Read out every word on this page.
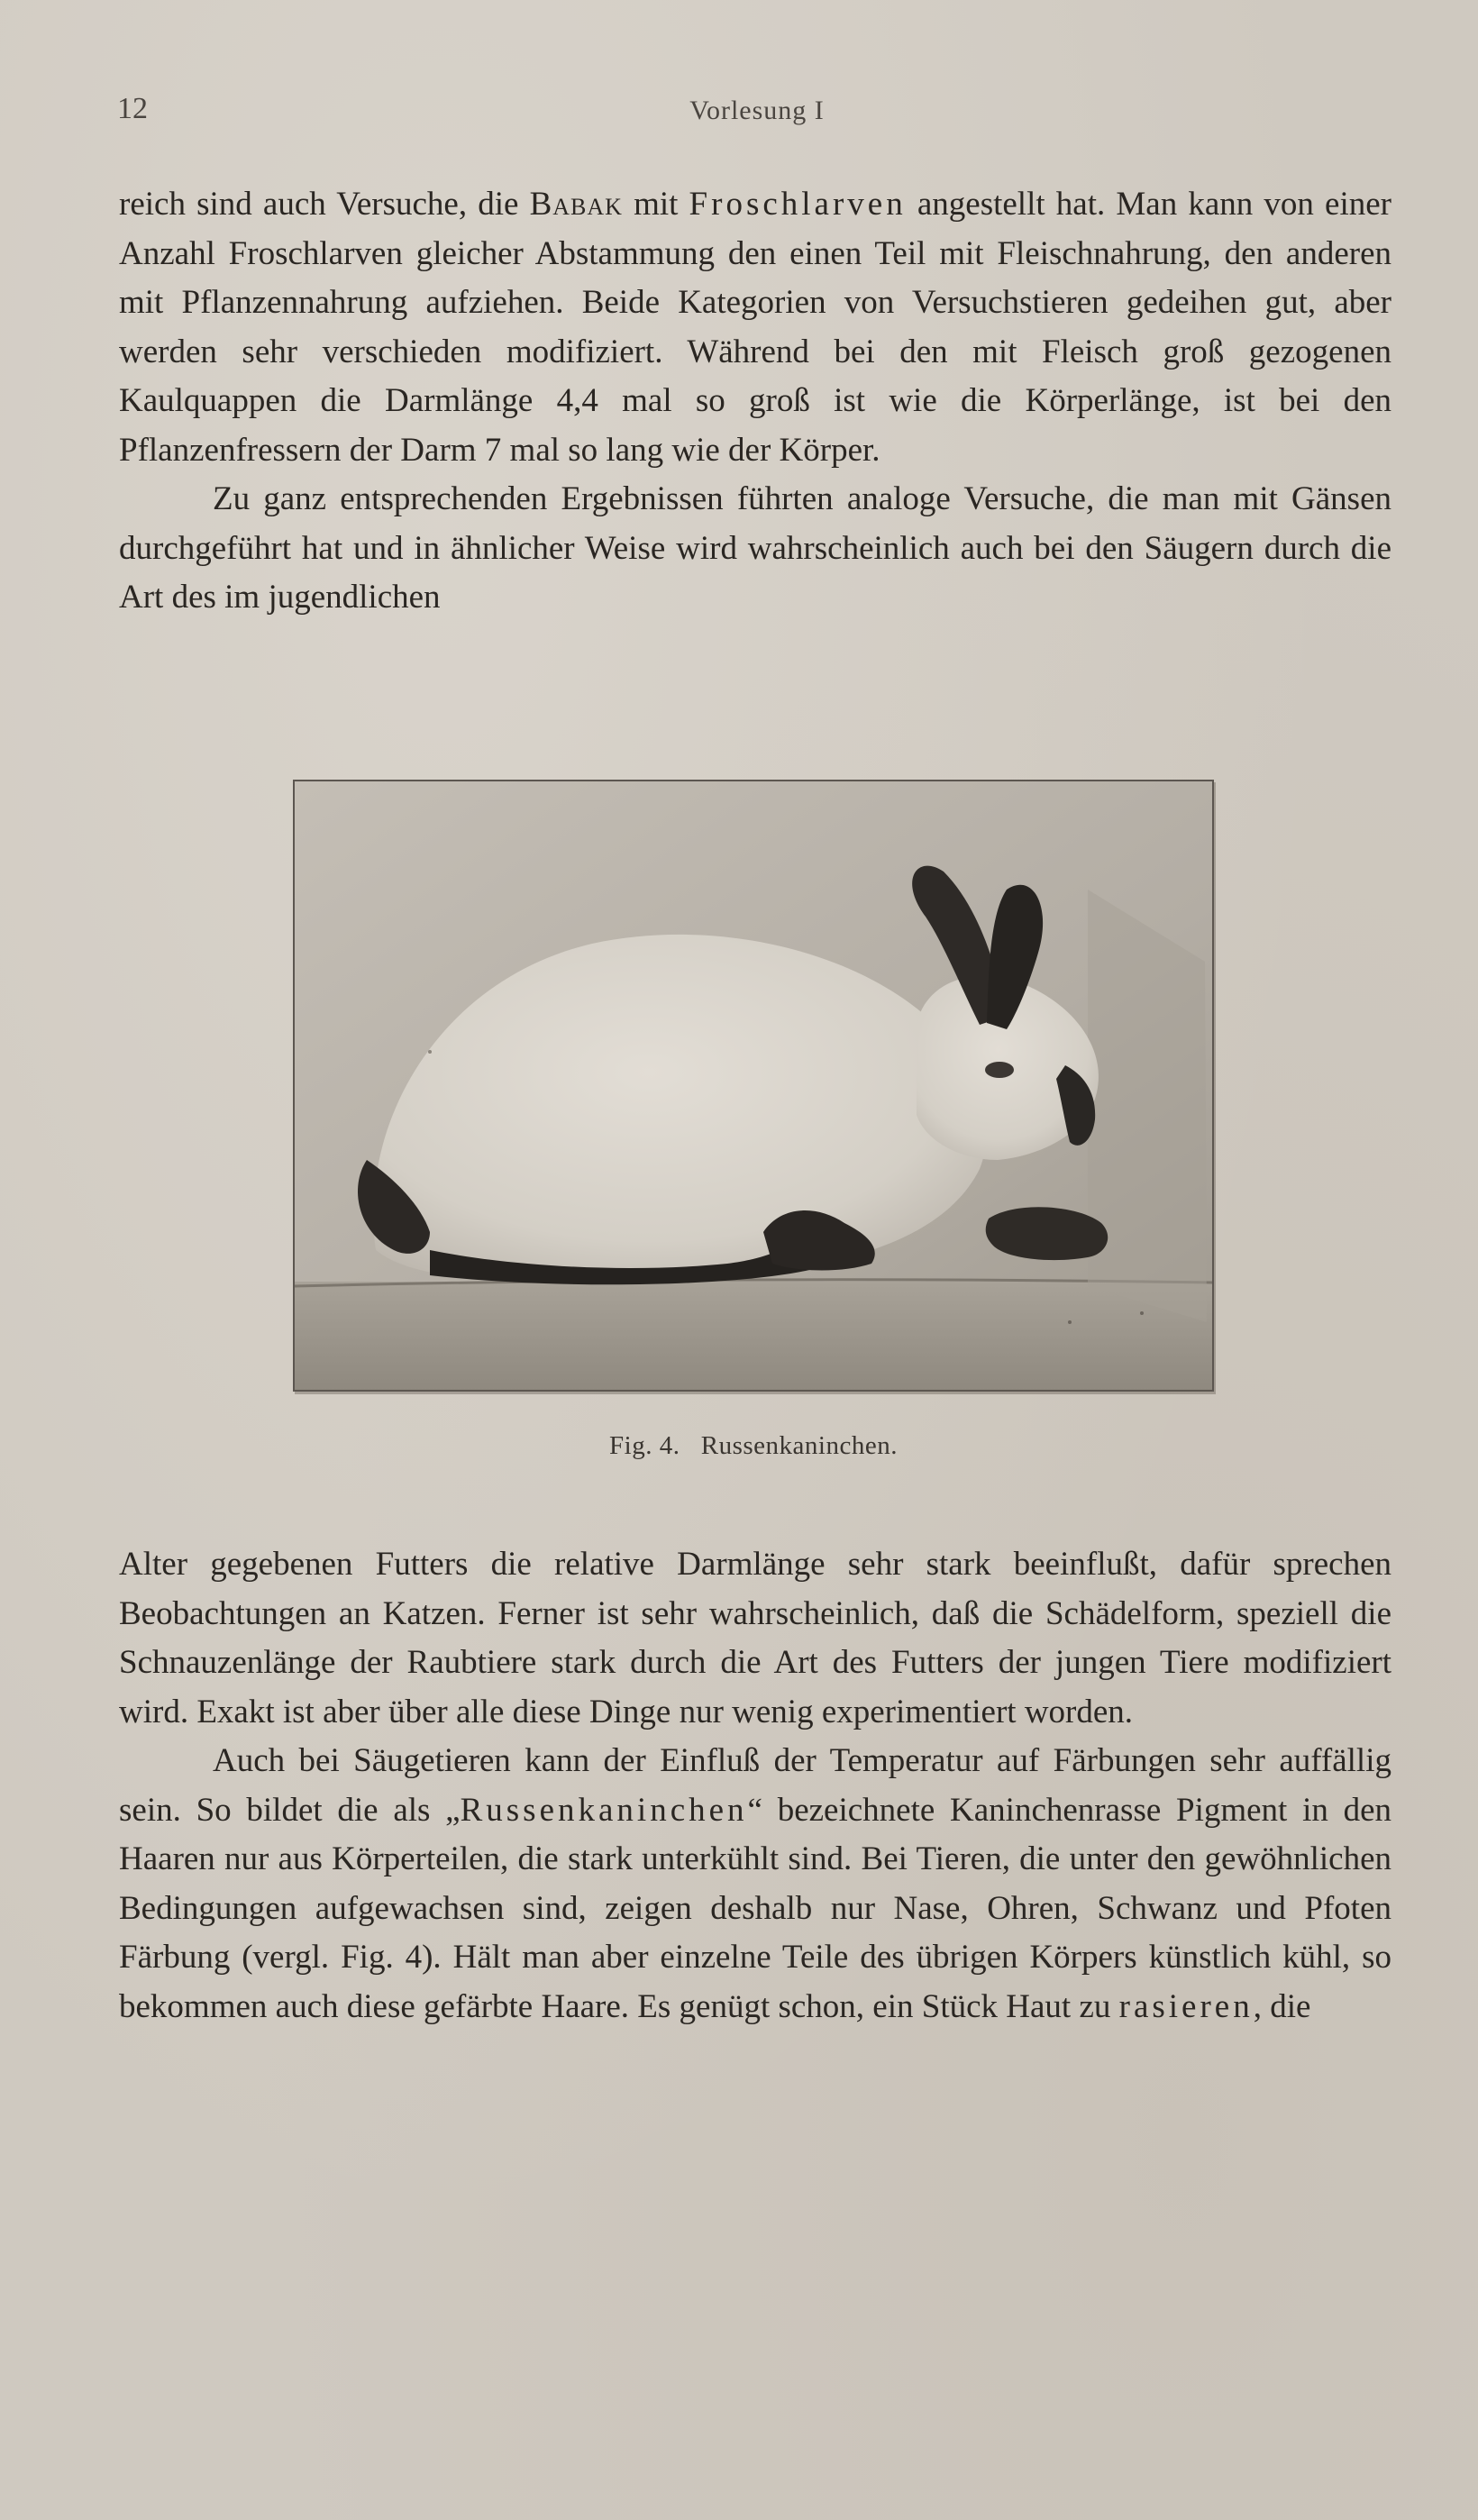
12	Vorlesung I

reich sind auch Versuche, die Babak mit Froschlarven angestellt hat. Man kann von einer Anzahl Froschlarven gleicher Abstammung den einen Teil mit Fleischnahrung, den anderen mit Pflanzennahrung aufziehen. Beide Kategorien von Versuchstieren gedeihen gut, aber werden sehr verschieden modifiziert. Während bei den mit Fleisch groß gezogenen Kaulquappen die Darmlänge 4,4 mal so groß ist wie die Körperlänge, ist bei den Pflanzenfressern der Darm 7 mal so lang wie der Körper.

Zu ganz entsprechenden Ergebnissen führten analoge Versuche, die man mit Gänsen durchgeführt hat und in ähnlicher Weise wird wahrscheinlich auch bei den Säugern durch die Art des im jugendlichen

Fig. 4. Russenkaninchen.

Alter gegebenen Futters die relative Darmlänge sehr stark beeinflußt, dafür sprechen Beobachtungen an Katzen. Ferner ist sehr wahrscheinlich, daß die Schädelform, speziell die Schnauzenlänge der Raubtiere stark durch die Art des Futters der jungen Tiere modifiziert wird. Exakt ist aber über alle diese Dinge nur wenig experimentiert worden.

Auch bei Säugetieren kann der Einfluß der Temperatur auf Färbungen sehr auffällig sein. So bildet die als „Russenkaninchen“ bezeichnete Kaninchenrasse Pigment in den Haaren nur aus Körperteilen, die stark unterkühlt sind. Bei Tieren, die unter den gewöhnlichen Bedingungen aufgewachsen sind, zeigen deshalb nur Nase, Ohren, Schwanz und Pfoten Färbung (vergl. Fig. 4). Hält man aber einzelne Teile des übrigen Körpers künstlich kühl, so bekommen auch diese gefärbte Haare. Es genügt schon, ein Stück Haut zu rasieren, die
